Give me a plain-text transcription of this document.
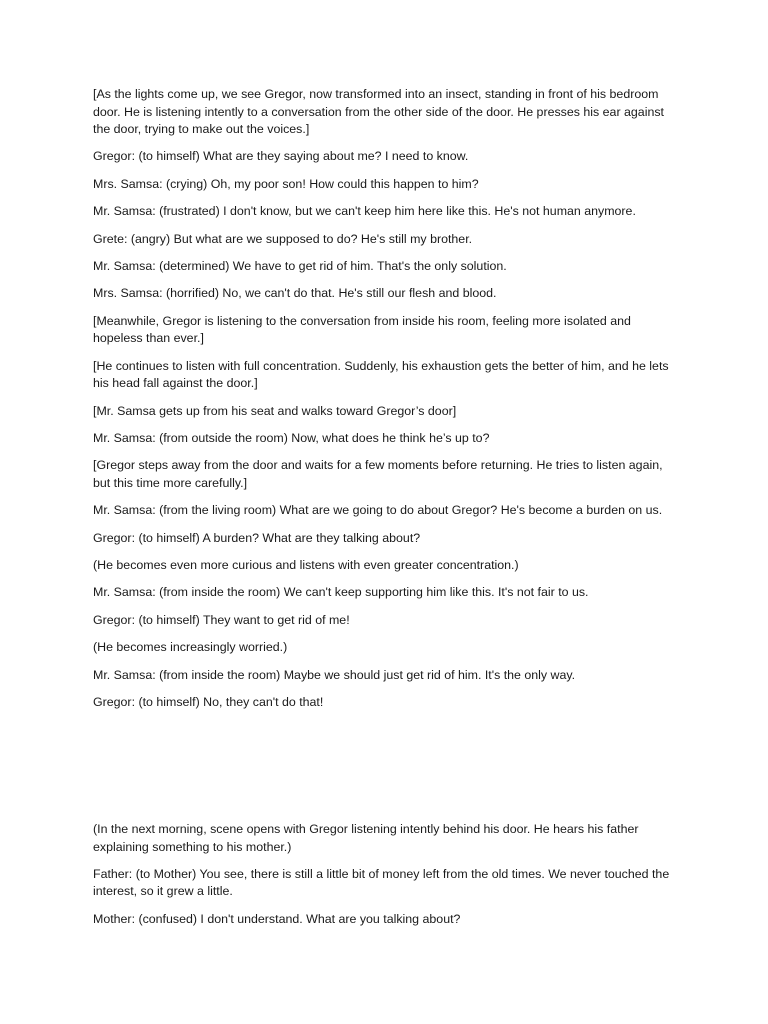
[As the lights come up, we see Gregor, now transformed into an insect, standing in front of his bedroom door. He is listening intently to a conversation from the other side of the door. He presses his ear against the door, trying to make out the voices.]

Gregor: (to himself) What are they saying about me? I need to know.

Mrs. Samsa: (crying) Oh, my poor son! How could this happen to him?

Mr. Samsa: (frustrated) I don't know, but we can't keep him here like this. He's not human anymore.

Grete: (angry) But what are we supposed to do? He's still my brother.

Mr. Samsa: (determined) We have to get rid of him. That's the only solution.

Mrs. Samsa: (horrified) No, we can't do that. He's still our flesh and blood.

[Meanwhile, Gregor is listening to the conversation from inside his room, feeling more isolated and hopeless than ever.]

[He continues to listen with full concentration. Suddenly, his exhaustion gets the better of him, and he lets his head fall against the door.]

[Mr. Samsa gets up from his seat and walks toward Gregor’s door]

Mr. Samsa: (from outside the room) Now, what does he think he’s up to?

[Gregor steps away from the door and waits for a few moments before returning. He tries to listen again, but this time more carefully.]

Mr. Samsa: (from the living room) What are we going to do about Gregor? He's become a burden on us.

Gregor: (to himself) A burden? What are they talking about?

(He becomes even more curious and listens with even greater concentration.)

Mr. Samsa: (from inside the room) We can't keep supporting him like this. It's not fair to us.

Gregor: (to himself) They want to get rid of me!

(He becomes increasingly worried.)

Mr. Samsa: (from inside the room) Maybe we should just get rid of him. It's the only way.

Gregor: (to himself) No, they can't do that!

(In the next morning, scene opens with Gregor listening intently behind his door. He hears his father explaining something to his mother.)

Father: (to Mother) You see, there is still a little bit of money left from the old times. We never touched the interest, so it grew a little.

Mother: (confused) I don't understand. What are you talking about?
